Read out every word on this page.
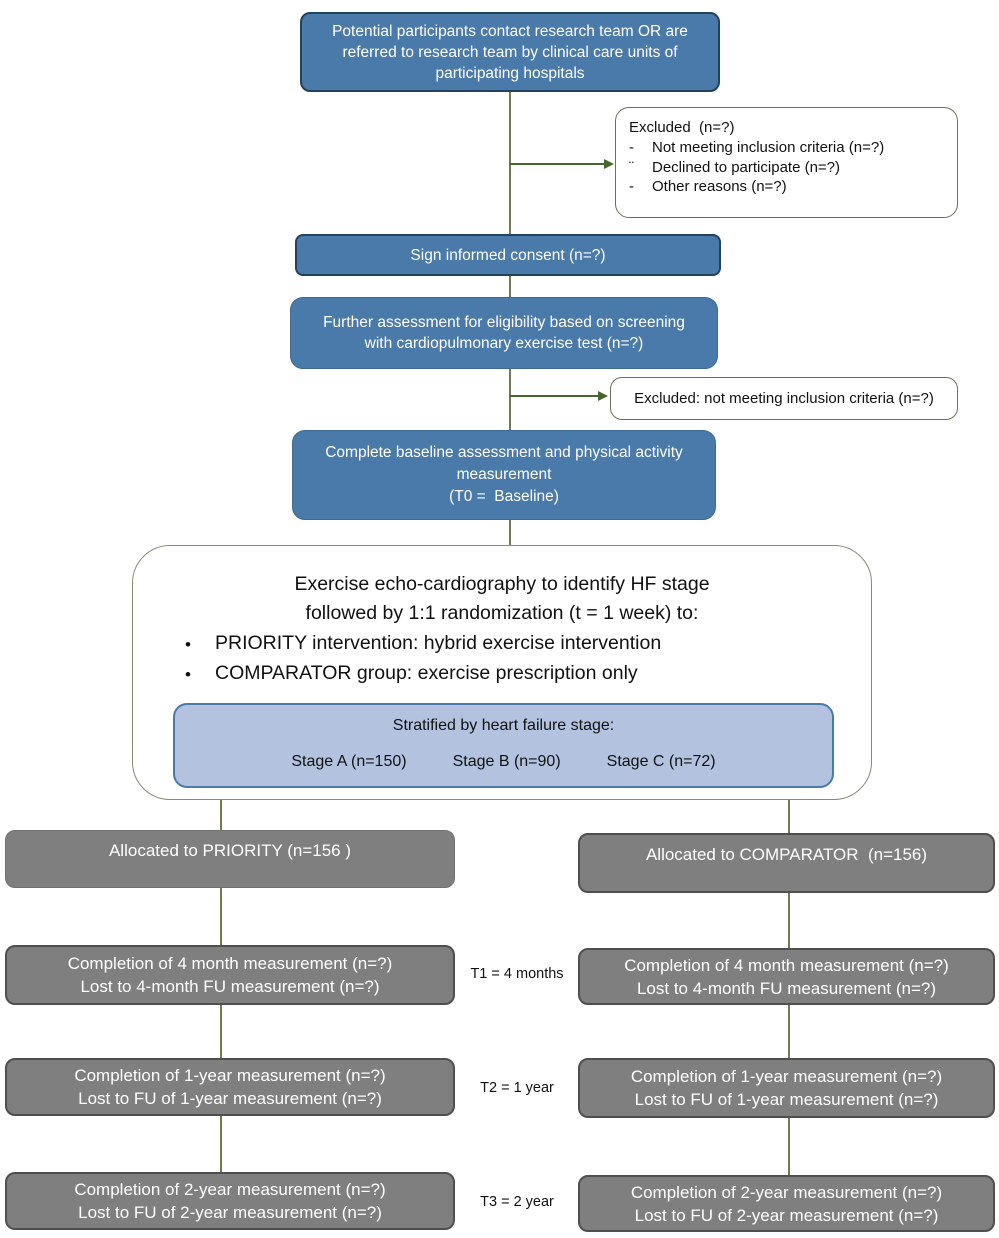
Potential participants contact research team OR are referred to research team by clinical care units of participating hospitals
Excluded  (n=?)
-	Not meeting inclusion criteria (n=?)
¨	Declined to participate (n=?)
-	Other reasons (n=?)
Sign informed consent (n=?)
Further assessment for eligibility based on screening with cardiopulmonary exercise test (n=?)
Excluded: not meeting inclusion criteria (n=?)
Complete baseline assessment and physical activity
measurement
(T0 =  Baseline)
Exercise echo-cardiography to identify HF stage
followed by 1:1 randomization (t = 1 week) to:
•	PRIORITY intervention: hybrid exercise intervention
•	COMPARATOR group: exercise prescription only
Stratified by heart failure stage:
Stage A (n=150)	Stage B (n=90)	Stage C (n=72)
Allocated to PRIORITY (n=156 )	Allocated to COMPARATOR  (n=156)
Completion of 4 month measurement (n=?)
Lost to 4-month FU measurement (n=?)
T1 = 4 months	Completion of 4 month measurement (n=?)
Lost to 4-month FU measurement (n=?)
Completion of 1-year measurement (n=?)
Lost to FU of 1-year measurement (n=?)
T2 = 1 year
Completion of 1-year measurement (n=?)
Lost to FU of 1-year measurement (n=?)
Completion of 2-year measurement (n=?)
Lost to FU of 2-year measurement (n=?)
T3 = 2 year
Completion of 2-year measurement (n=?)
Lost to FU of 2-year measurement (n=?)
